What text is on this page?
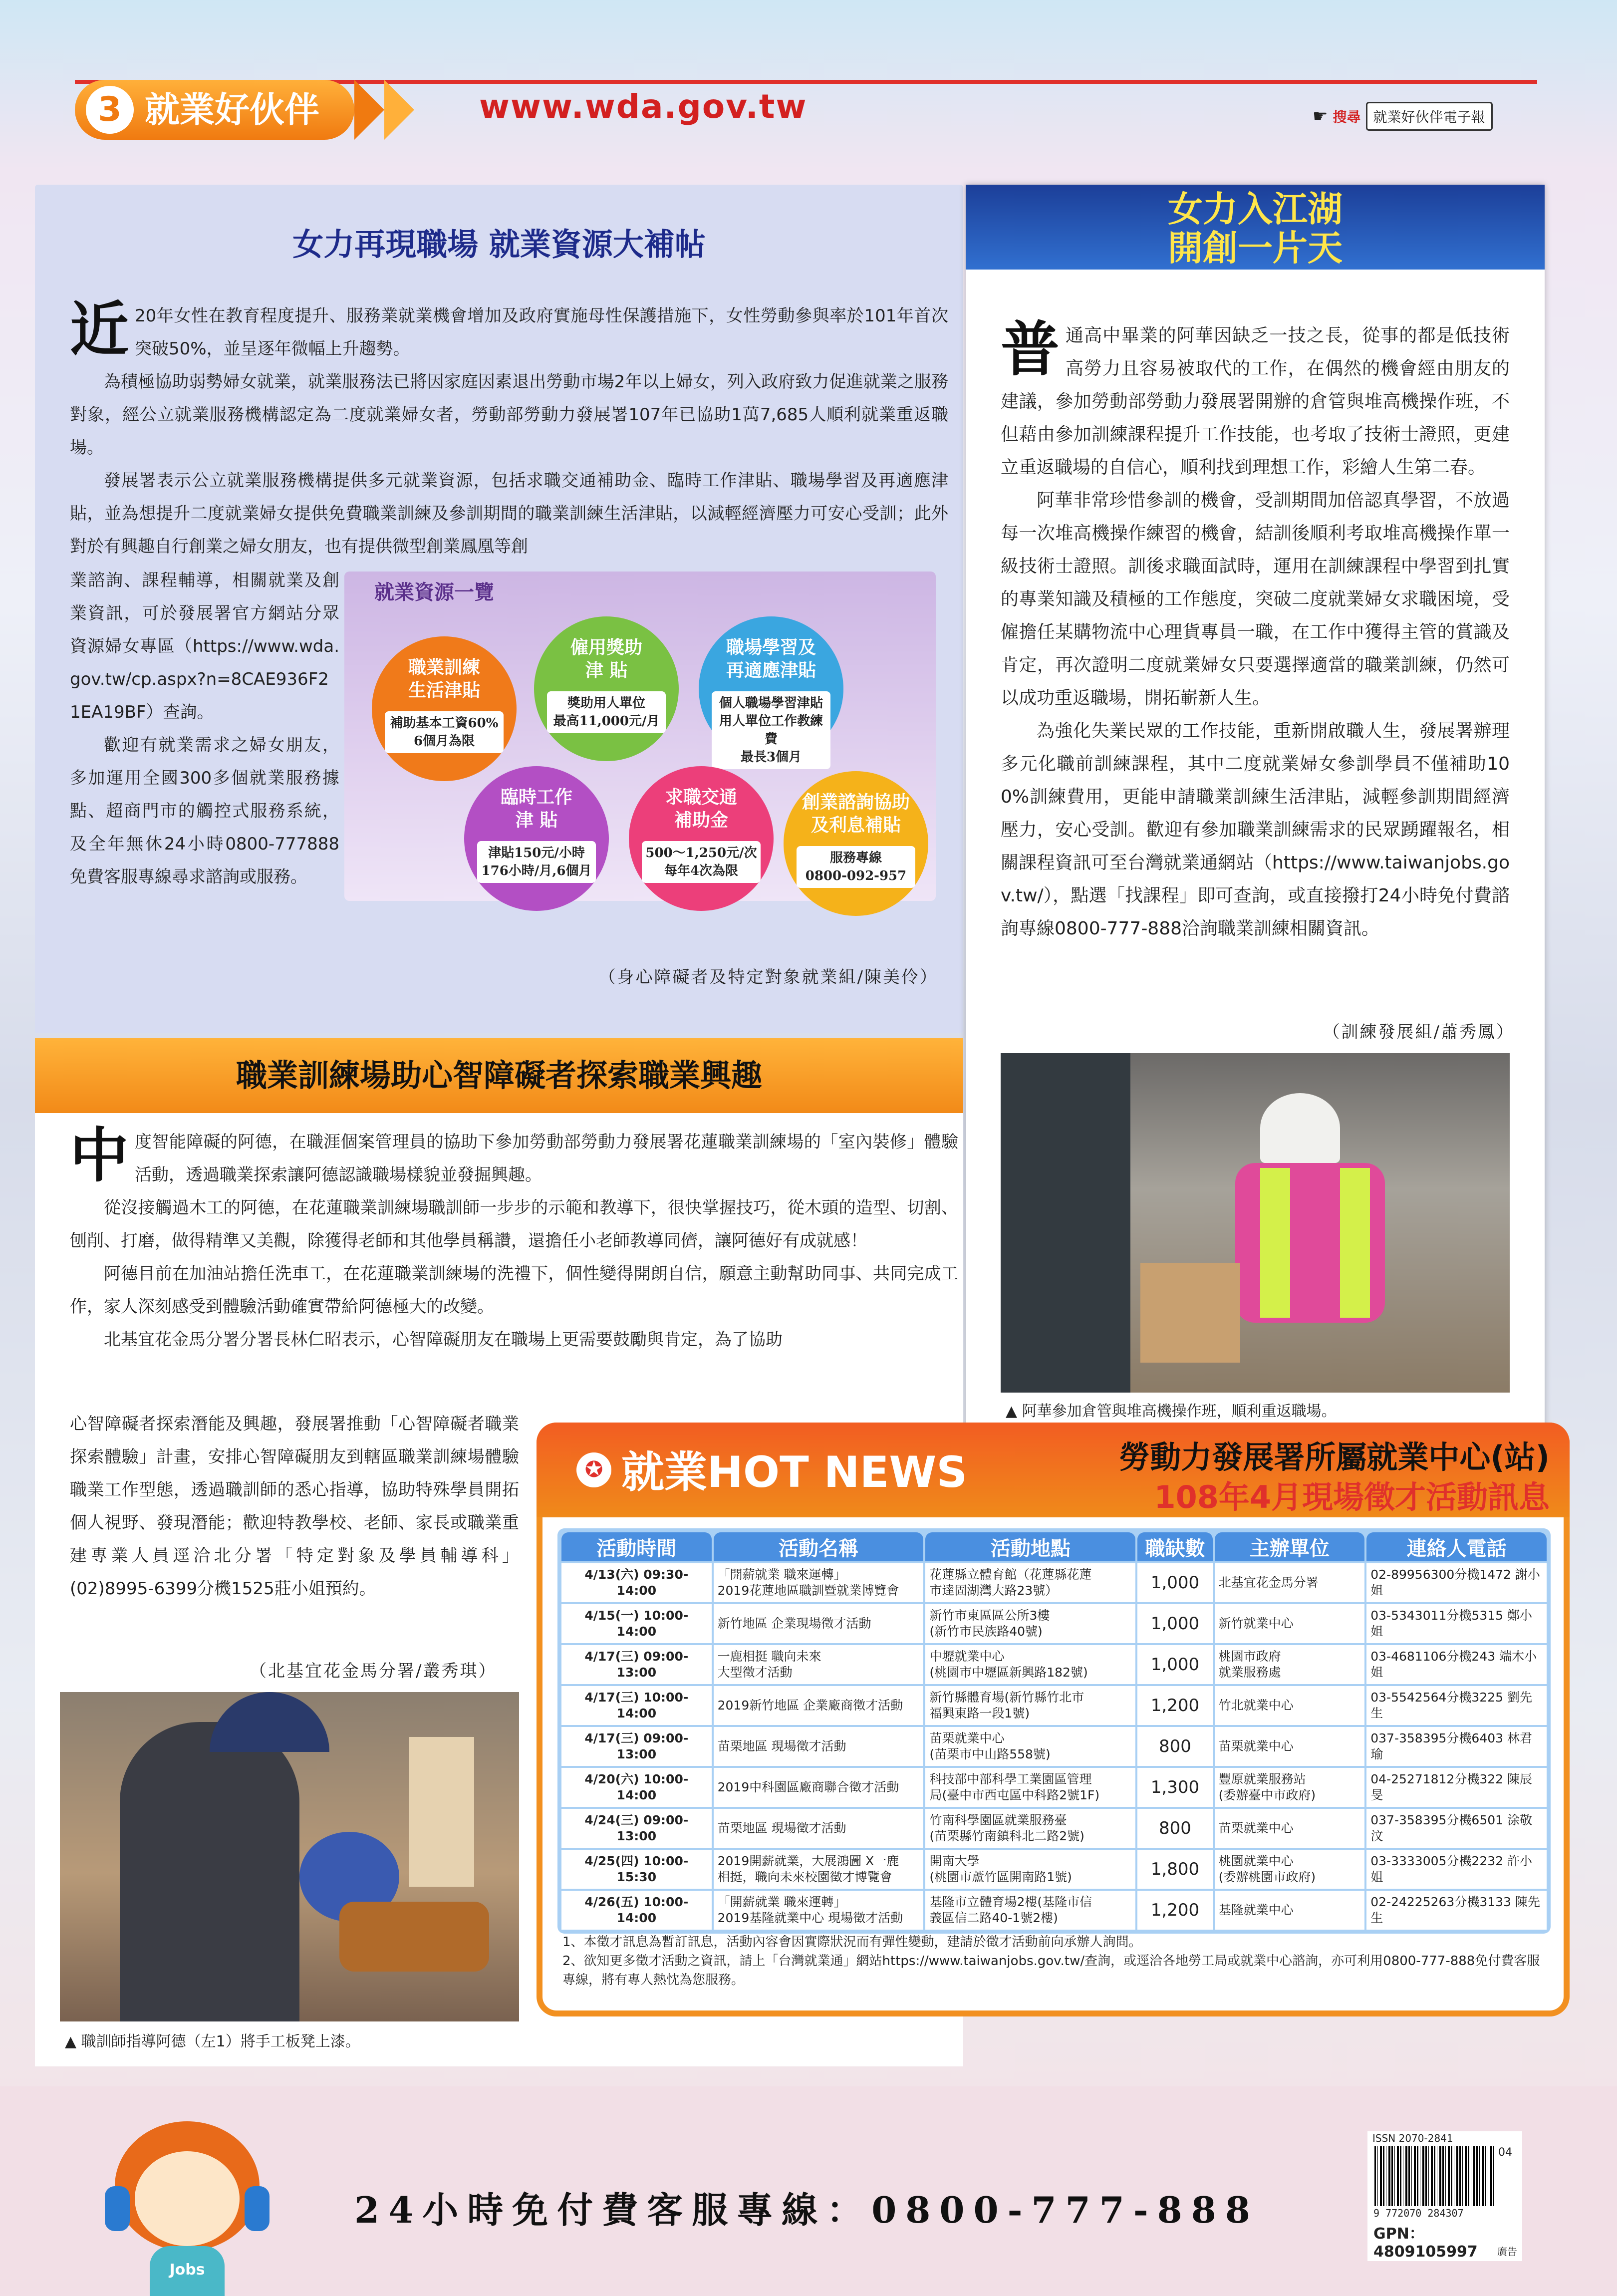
3 就業好伙伴	www.wda.gov.tw	☛ 搜尋 就業好伙伴電子報
女力再現職場 就業資源大補帖
近 20年女性在教育程度提升、服務業就業機會增加及政府實施母性保護措施下，女性勞動參與率於101年首次突破50%，並呈逐年微幅上升趨勢。
為積極協助弱勢婦女就業，就業服務法已將因家庭因素退出勞動市場2年以上婦女，列入政府致力促進就業之服務對象，經公立就業服務機構認定為二度就業婦女者，勞動部勞動力發展署107年已協助1萬7,685人順利就業重返職場。
發展署表示公立就業服務機構提供多元就業資源，包括求職交通補助金、臨時工作津貼、職場學習及再適應津貼，並為想提升二度就業婦女提供免費職業訓練及參訓期間的職業訓練生活津貼，以減輕經濟壓力可安心受訓；此外對於有興趣自行創業之婦女朋友，也有提供微型創業鳳凰等創
業諮詢、課程輔導，相關就業及創業資訊，可於發展署官方網站分眾資源婦女專區（https://www.wda.gov.tw/cp.aspx?n=8CAE936F21EA19BF）查詢。
歡迎有就業需求之婦女朋友，多加運用全國300多個就業服務據點、超商門市的觸控式服務系統，及全年無休24小時0800-777888免費客服專線尋求諮詢或服務。
（身心障礙者及特定對象就業組/陳美伶）
就業資源一覽
職業訓練
生活津貼
補助基本工資60%
6個月為限
僱用獎助
津 貼
獎助用人單位
最高11,000元/月
職場學習及
再適應津貼
個人職場學習津貼
用人單位工作教練費
最長3個月
臨時工作
津 貼
津貼150元/小時
176小時/月,6個月
求職交通
補助金
500～1,250元/次
每年4次為限
創業諮詢協助
及利息補貼
服務專線
0800-092-957
女力入江湖
開創一片天
普 通高中畢業的阿華因缺乏一技之長，從事的都是低技術高勞力且容易被取代的工作，在偶然的機會經由朋友的建議，參加勞動部勞動力發展署開辦的倉管與堆高機操作班，不但藉由參加訓練課程提升工作技能，也考取了技術士證照，更建立重返職場的自信心，順利找到理想工作，彩繪人生第二春。
阿華非常珍惜參訓的機會，受訓期間加倍認真學習，不放過每一次堆高機操作練習的機會，結訓後順利考取堆高機操作單一級技術士證照。訓後求職面試時，運用在訓練課程中學習到扎實的專業知識及積極的工作態度，突破二度就業婦女求職困境，受僱擔任某購物流中心理貨專員一職，在工作中獲得主管的賞識及肯定，再次證明二度就業婦女只要選擇適當的職業訓練，仍然可以成功重返職場，開拓嶄新人生。
為強化失業民眾的工作技能，重新開啟職人生，發展署辦理多元化職前訓練課程，其中二度就業婦女參訓學員不僅補助100%訓練費用，更能申請職業訓練生活津貼，減輕參訓期間經濟壓力，安心受訓。歡迎有參加職業訓練需求的民眾踴躍報名，相關課程資訊可至台灣就業通網站（https://www.taiwanjobs.gov.tw/），點選「找課程」即可查詢，或直接撥打24小時免付費諮詢專線0800-777-888洽詢職業訓練相關資訊。
（訓練發展組/蕭秀鳳）
▲ 阿華參加倉管與堆高機操作班，順利重返職場。
職業訓練場助心智障礙者探索職業興趣
中 度智能障礙的阿德，在職涯個案管理員的協助下參加勞動部勞動力發展署花蓮職業訓練場的「室內裝修」體驗活動，透過職業探索讓阿德認識職場樣貌並發掘興趣。
從沒接觸過木工的阿德，在花蓮職業訓練場職訓師一步步的示範和教導下，很快掌握技巧，從木頭的造型、切割、刨削、打磨，做得精準又美觀，除獲得老師和其他學員稱讚，還擔任小老師教導同儕，讓阿德好有成就感！
阿德目前在加油站擔任洗車工，在花蓮職業訓練場的洗禮下，個性變得開朗自信，願意主動幫助同事、共同完成工作，家人深刻感受到體驗活動確實帶給阿德極大的改變。
北基宜花金馬分署分署長林仁昭表示，心智障礙朋友在職場上更需要鼓勵與肯定，為了協助
心智障礙者探索潛能及興趣，發展署推動「心智障礙者職業探索體驗」計畫，安排心智障礙朋友到轄區職業訓練場體驗職業工作型態，透過職訓師的悉心指導，協助特殊學員開拓個人視野、發現潛能；歡迎特教學校、老師、家長或職業重建專業人員逕洽北分署「特定對象及學員輔導科」(02)8995-6399分機1525莊小姐預約。
（北基宜花金馬分署/叢秀琪）
▲ 職訓師指導阿德（左1）將手工板凳上漆。
✪ 就業HOT NEWS	勞動力發展署所屬就業中心(站)
108年4月現場徵才活動訊息
活動時間	活動名稱	活動地點	職缺數	主辦單位	連絡人電話
4/13(六) 09:30-14:00	「開薪就業 職來運轉」
2019花蓮地區職訓暨就業博覽會	花蓮縣立體育館（花蓮縣花蓮
市達固湖灣大路23號）	1,000	北基宜花金馬分署	02-89956300分機1472 謝小姐
4/15(一) 10:00-14:00	新竹地區 企業現場徵才活動	新竹市東區區公所3樓
(新竹市民族路40號)	1,000	新竹就業中心	03-5343011分機5315 鄭小姐
4/17(三) 09:00-13:00	一鹿相挺 職向未來
大型徵才活動	中壢就業中心
(桃園市中壢區新興路182號)	1,000	桃園市政府
就業服務處	03-4681106分機243 端木小姐
4/17(三) 10:00-14:00	2019新竹地區 企業廠商徵才活動	新竹縣體育場(新竹縣竹北市
福興東路一段1號)	1,200	竹北就業中心	03-5542564分機3225 劉先生
4/17(三) 09:00-13:00	苗栗地區 現場徵才活動	苗栗就業中心
(苗栗市中山路558號)	800	苗栗就業中心	037-358395分機6403 林君瑜
4/20(六) 10:00-14:00	2019中科園區廠商聯合徵才活動	科技部中部科學工業園區管理
局(臺中市西屯區中科路2號1F)	1,300	豐原就業服務站
(委辦臺中市政府)	04-25271812分機322 陳辰旻
4/24(三) 09:00-13:00	苗栗地區 現場徵才活動	竹南科學園區就業服務臺
(苗栗縣竹南鎮科北二路2號)	800	苗栗就業中心	037-358395分機6501 涂敬汶
4/25(四) 10:00-15:30	2019開薪就業，大展鴻圖 X一鹿
相挺，職向未來校園徵才博覽會	開南大學
(桃園市蘆竹區開南路1號)	1,800	桃園就業中心
(委辦桃園市政府)	03-3333005分機2232 許小姐
4/26(五) 10:00-14:00	「開薪就業 職來運轉」
2019基隆就業中心 現場徵才活動	基隆市立體育場2樓(基隆市信
義區信二路40-1號2樓)	1,200	基隆就業中心	02-24225263分機3133 陳先生
1、本徵才訊息為暫訂訊息，活動內容會因實際狀況而有彈性變動，建請於徵才活動前向承辦人詢問。
2、欲知更多徵才活動之資訊，請上「台灣就業通」網站https://www.taiwanjobs.gov.tw/查詢，或逕洽各地勞工局或就業中心諮詢，亦可利用0800-777-888免付費客服專線，將有專人熱忱為您服務。
Jobs
24小時免付費客服專線：0800-777-888
ISSN 2070-2841
04
9 772070 284307
GPN：4809105997	廣告
